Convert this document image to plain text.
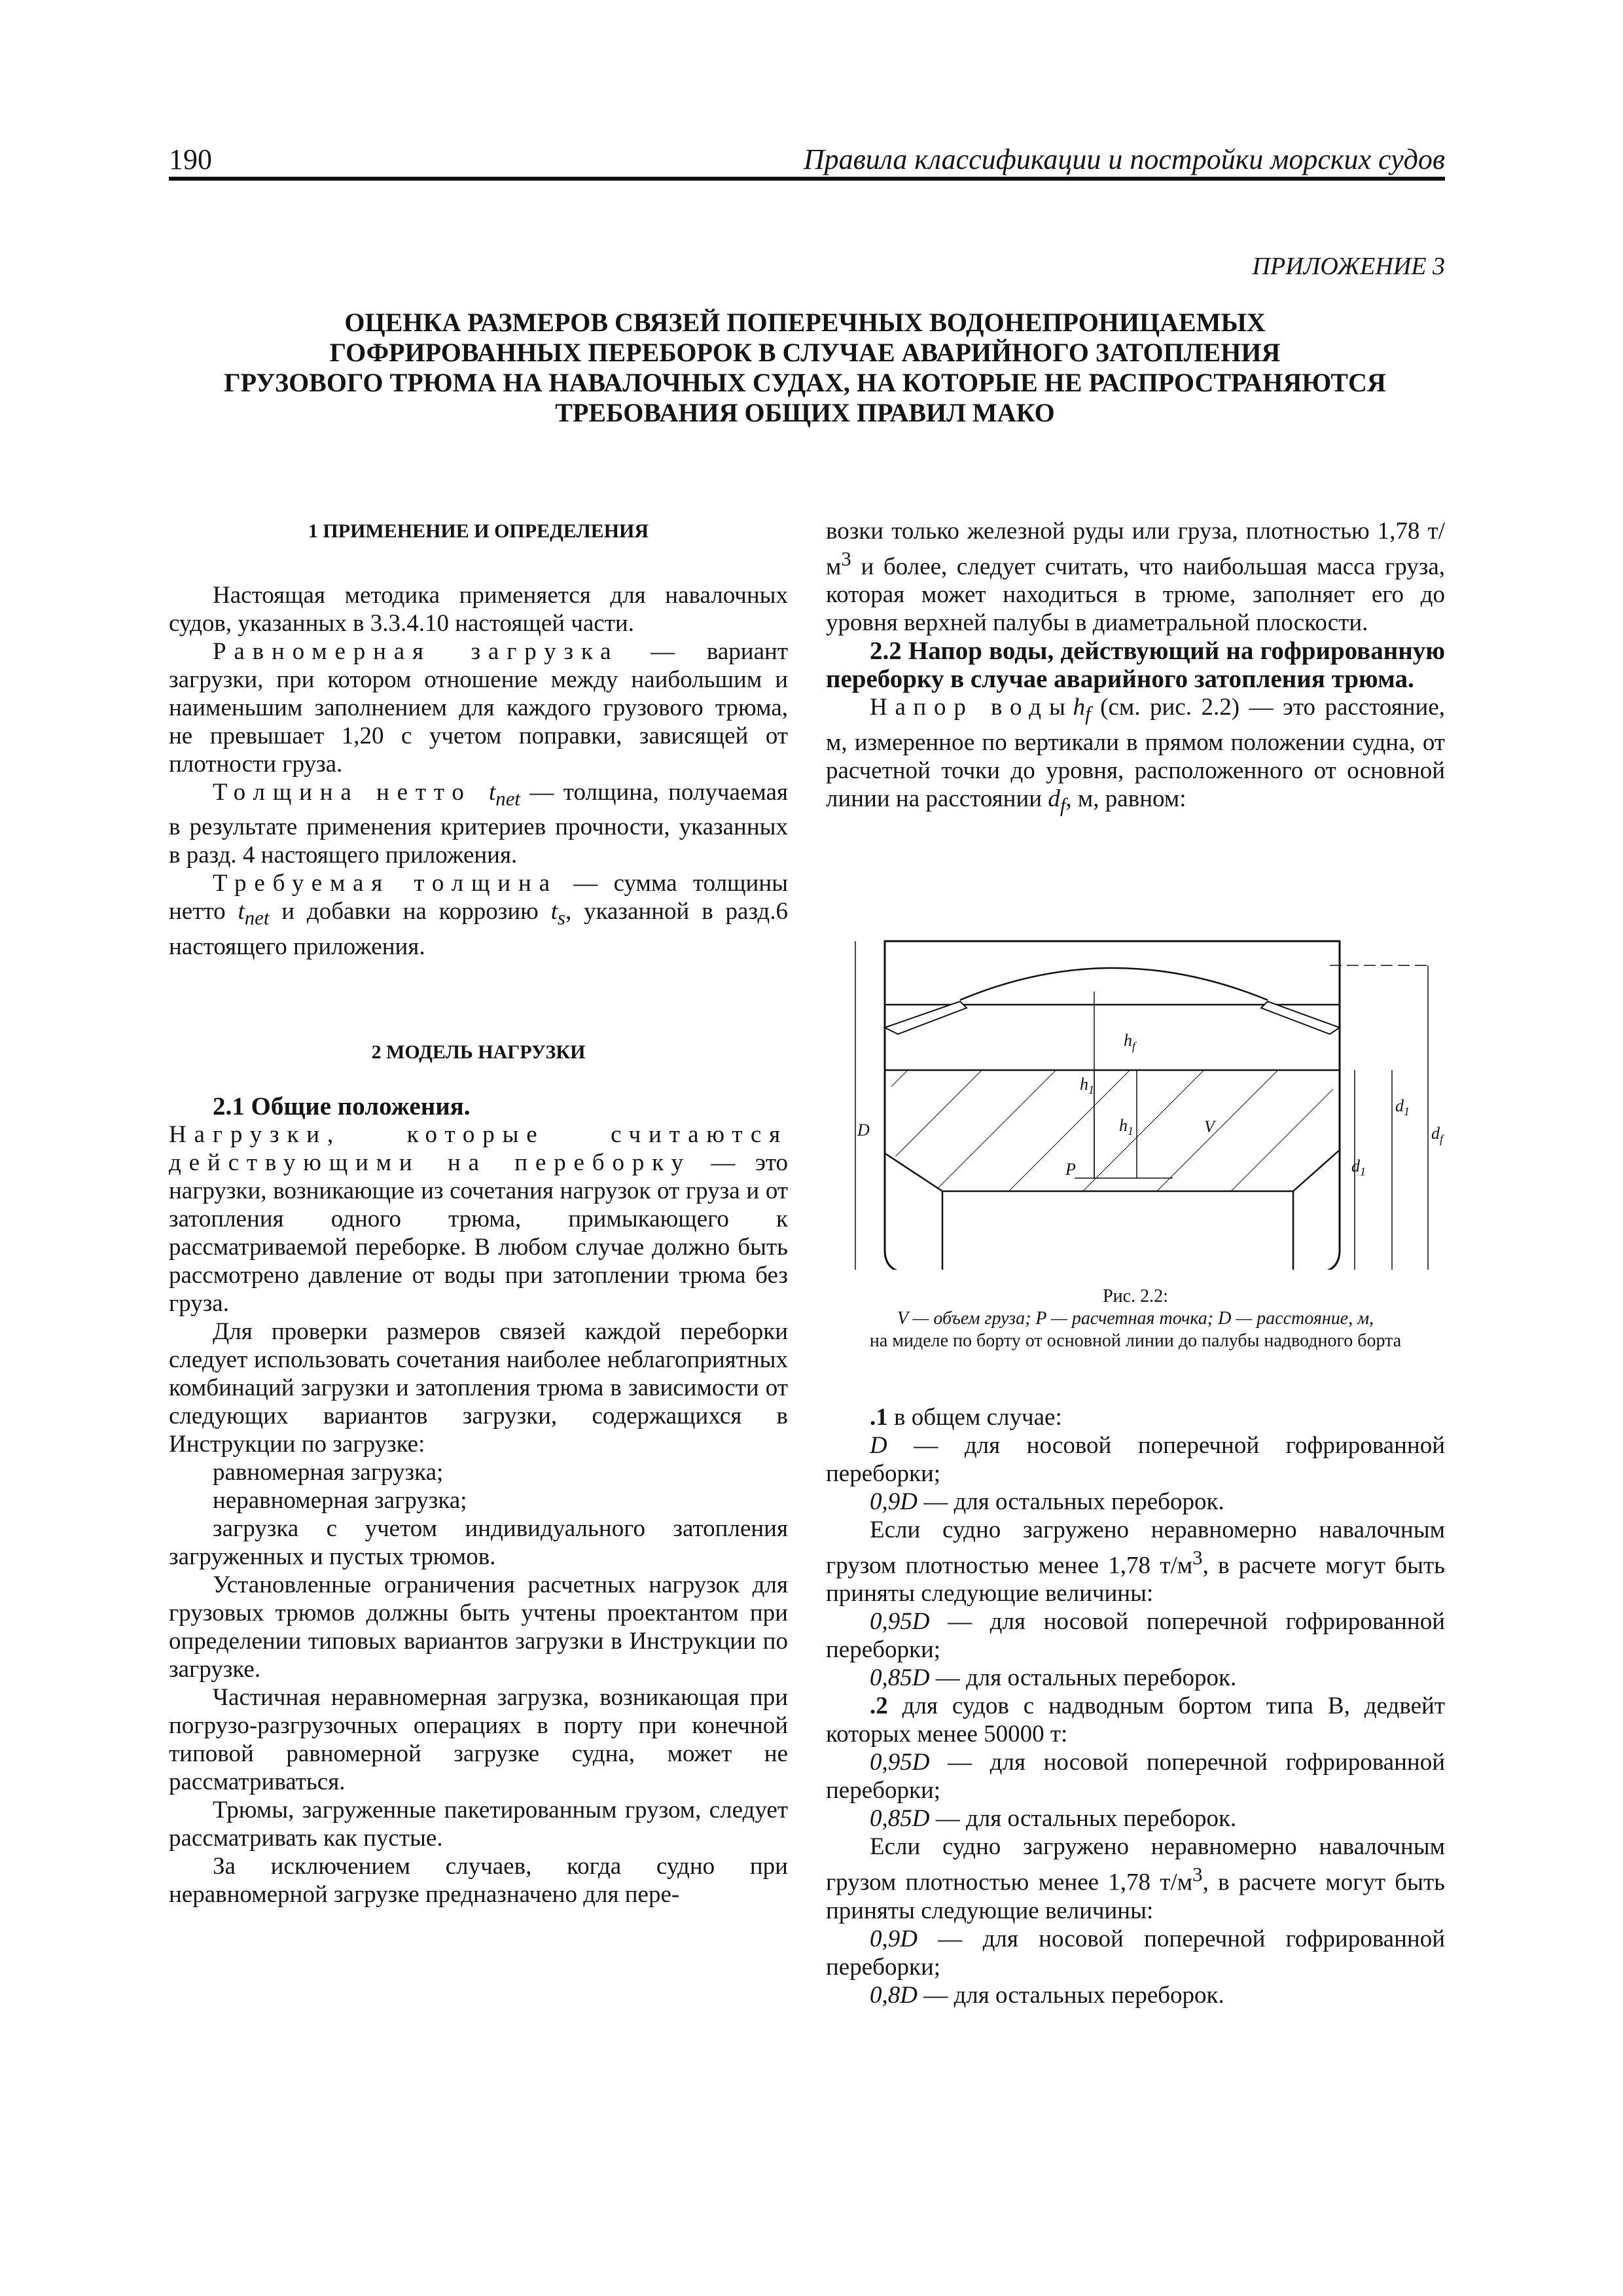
190	Правила классификации и постройки морских судов
ПРИЛОЖЕНИЕ 3
ОЦЕНКА РАЗМЕРОВ СВЯЗЕЙ ПОПЕРЕЧНЫХ ВОДОНЕПРОНИЦАЕМЫХ
ГОФРИРОВАННЫХ ПЕРЕБОРОК В СЛУЧАЕ АВАРИЙНОГО ЗАТОПЛЕНИЯ
ГРУЗОВОГО ТРЮМА НА НАВАЛОЧНЫХ СУДАХ, НА КОТОРЫЕ НЕ РАСПРОСТРАНЯЮТСЯ
ТРЕБОВАНИЯ ОБЩИХ ПРАВИЛ МАКО

1 ПРИМЕНЕНИЕ И ОПРЕДЕЛЕНИЯ

Настоящая методика применяется для навалочных судов, указанных в 3.3.4.10 настоящей части.

Равномерная загрузка — вариант загрузки, при котором отношение между наибольшим и наименьшим заполнением для каждого грузового трюма, не превышает 1,20 с учетом поправки, зависящей от плотности груза.

Толщина нетто $t_{net}$ — толщина, получаемая в результате применения критериев прочности, указанных в разд. 4 настоящего приложения.

Требуемая толщина — сумма толщины нетто $t_{net}$ и добавки на коррозию $t_s$, указанной в разд.6 настоящего приложения.

2 МОДЕЛЬ НАГРУЗКИ

2.1 Общие положения.

Нагрузки, которые считаются действующими на переборку — это нагрузки, возникающие из сочетания нагрузок от груза и от затопления одного трюма, примыкающего к рассматриваемой переборке. В любом случае должно быть рассмотрено давление от воды при затоплении трюма без груза.

Для проверки размеров связей каждой переборки следует использовать сочетания наиболее неблагоприятных комбинаций загрузки и затопления трюма в зависимости от следующих вариантов загрузки, содержащихся в Инструкции по загрузке:

равномерная загрузка;

неравномерная загрузка;

загрузка с учетом индивидуального затопления загруженных и пустых трюмов.

Установленные ограничения расчетных нагрузок для грузовых трюмов должны быть учтены проектантом при определении типовых вариантов загрузки в Инструкции по загрузке.

Частичная неравномерная загрузка, возникающая при погрузо-разгрузочных операциях в порту при конечной типовой равномерной загрузке судна, может не рассматриваться.

Трюмы, загруженные пакетированным грузом, следует рассматривать как пустые.

За исключением случаев, когда судно при неравномерной загрузке предназначено для пере-

возки только железной руды или груза, плотностью 1,78 $т/м^3$ и более, следует считать, что наибольшая масса груза, которая может находиться в трюме, заполняет его до уровня верхней палубы в диаметральной плоскости.

2.2 Напор воды, действующий на гофрированную переборку в случае аварийного затопления трюма.

Напор водыh$_f$ (см. рис. 2.2) — это расстояние, м, измеренное по вертикали в прямом положении судна, от расчетной точки до уровня, расположенного от основной линии на расстоянии $d_f$, м, равном:

D
$h_f$
$h_1$
$h_1$	V
P
$d_1$
$d_1$
$d_f$
Рис. 2.2:
V — объем груза; P — расчетная точка; D — расстояние, м,
на миделе по борту от основной линии до палубы надводного борта

.1 в общем случае:

D — для носовой поперечной гофрированной переборки;

0,9D — для остальных переборок.

Если судно загружено неравномерно навалочным грузом плотностью менее 1,78 $т/м^3$, в расчете могут быть приняты следующие величины:

0,95D — для носовой поперечной гофрированной переборки;

0,85D — для остальных переборок.

.2 для судов с надводным бортом типа В, дедвейт которых менее 50000 т:

0,95D — для носовой поперечной гофрированной переборки;

0,85D — для остальных переборок.

Если судно загружено неравномерно навалочным грузом плотностью менее 1,78 $т/м^3$, в расчете могут быть приняты следующие величины:

0,9D — для носовой поперечной гофрированной переборки;

0,8D — для остальных переборок.
